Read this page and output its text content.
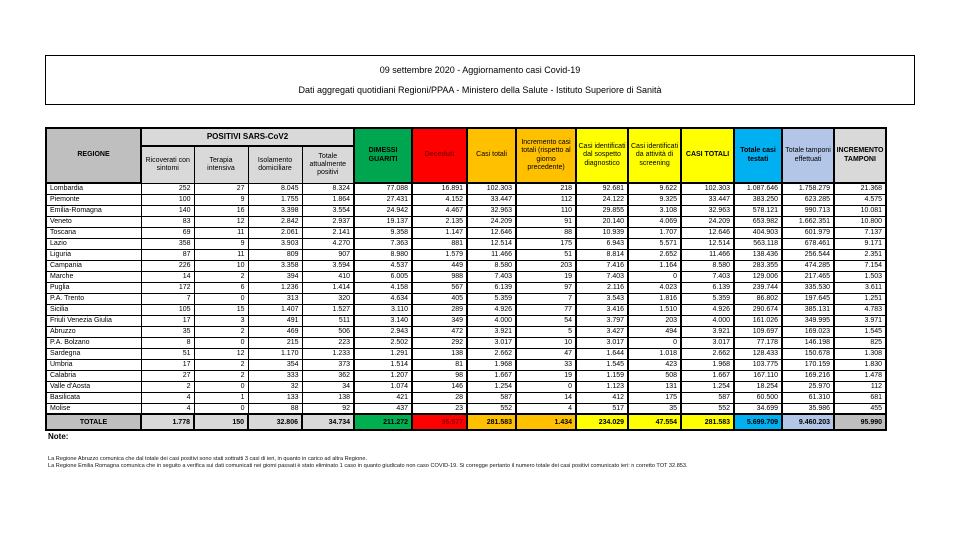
09 settembre 2020 - Aggiornamento casi Covid-19
Dati aggregati quotidiani Regioni/PPAA - Ministero della Salute - Istituto Superiore di Sanità
REGIONE	POSITIVI SARS-CoV2				DIMESSI GUARITI	Deceduti	Casi totali	Incremento casi totali (rispetto al giorno precedente)	Casi identificati dal sospetto diagnostico	Casi identificati da attività di screening	CASI TOTALI	Totale casi testati	Totale tamponi effettuati	INCREMENTO TAMPONI
	Ricoverati con sintomi	Terapia intensiva	Isolamento domiciliare	Totale attualmente positivi										
Lombardia	252	27	8.045	8.324	77.088	16.891	102.303	218	92.681	9.622	102.303	1.087.646	1.758.279	21.368
Piemonte	100	9	1.755	1.864	27.431	4.152	33.447	112	24.122	9.325	33.447	383.250	623.285	4.575
Emilia-Romagna	140	16	3.398	3.554	24.942	4.467	32.963	110	29.855	3.108	32.963	578.121	990.713	10.081
Veneto	83	12	2.842	2.937	19.137	2.135	24.209	91	20.140	4.069	24.209	653.982	1.662.351	10.800
Toscana	69	11	2.061	2.141	9.358	1.147	12.646	88	10.939	1.707	12.646	404.903	601.979	7.137
Lazio	358	9	3.903	4.270	7.363	881	12.514	175	6.943	5.571	12.514	563.118	678.461	9.171
Liguria	87	11	809	907	8.980	1.579	11.466	51	8.814	2.652	11.466	138.436	256.544	2.351
Campania	226	10	3.358	3.594	4.537	449	8.580	203	7.416	1.164	8.580	283.355	474.285	7.154
Marche	14	2	394	410	6.005	988	7.403	19	7.403	0	7.403	129.006	217.465	1.503
Puglia	172	6	1.236	1.414	4.158	567	6.139	97	2.116	4.023	6.139	239.744	335.530	3.611
P.A. Trento	7	0	313	320	4.634	405	5.359	7	3.543	1.816	5.359	86.802	197.645	1.251
Sicilia	105	15	1.407	1.527	3.110	289	4.926	77	3.416	1.510	4.926	290.674	385.131	4.783
Friuli Venezia Giulia	17	3	491	511	3.140	349	4.000	54	3.797	203	4.000	161.026	349.995	3.971
Abruzzo	35	2	469	506	2.943	472	3.921	5	3.427	494	3.921	109.697	169.023	1.545
P.A. Bolzano	8	0	215	223	2.502	292	3.017	10	3.017	0	3.017	77.178	146.198	825
Sardegna	51	12	1.170	1.233	1.291	138	2.662	47	1.644	1.018	2.662	128.433	150.678	1.308
Umbria	17	2	354	373	1.514	81	1.968	33	1.545	423	1.968	103.775	170.159	1.830
Calabria	27	2	333	362	1.207	98	1.667	19	1.159	508	1.667	167.110	169.216	1.478
Valle d'Aosta	2	0	32	34	1.074	146	1.254	0	1.123	131	1.254	18.254	25.970	112
Basilicata	4	1	133	138	421	28	587	14	412	175	587	60.500	61.310	681
Molise	4	0	88	92	437	23	552	4	517	35	552	34.699	35.986	455
TOTALE	1.778	150	32.806	34.734	211.272	35.577	281.583	1.434	234.029	47.554	281.583	5.699.709	9.460.203	95.990
Note:
La Regione Abruzzo comunica che dal totale dei casi positivi sono stati sottratti 3 casi di ieri, in quanto in carico ad altra Regione.
La Regione Emilia Romagna comunica che in seguito a verifica sui dati comunicati nei giorni passati è stato eliminato 1 caso in quanto giudicato non caso COVID-19. Si corregge pertanto il numero totale dei casi positivi comunicato ieri: n corretto TOT 32.853.
